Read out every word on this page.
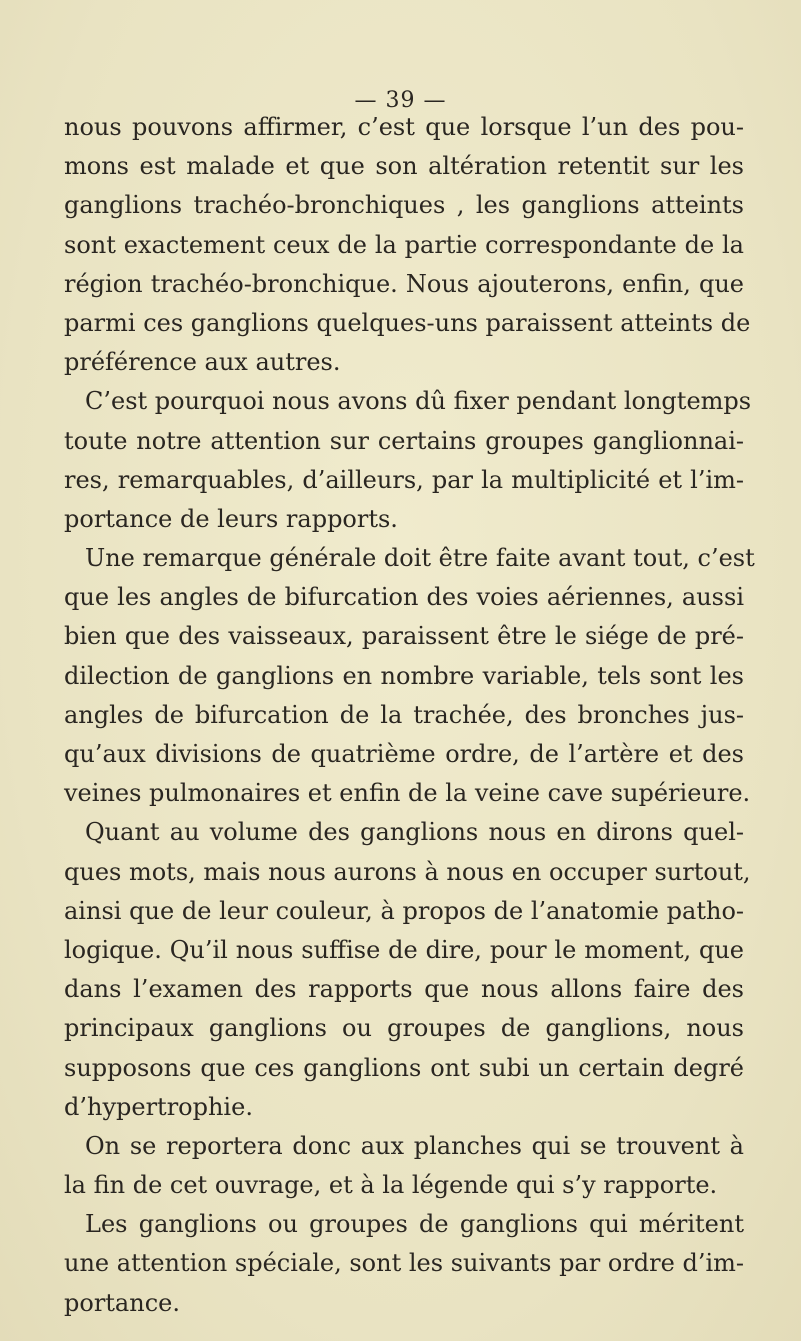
— 39 —
nous pouvons affirmer, c’est que lorsque l’un des pou-
mons est malade et que son altération retentit sur les
ganglions trachéo-bronchiques , les ganglions atteints
sont exactement ceux de la partie correspondante de la
région trachéo-bronchique. Nous ajouterons, enfin, que
parmi ces ganglions quelques-uns paraissent atteints de
préférence aux autres.
C’est pourquoi nous avons dû fixer pendant longtemps
toute notre attention sur certains groupes ganglionnai-
res, remarquables, d’ailleurs, par la multiplicité et l’im-
portance de leurs rapports.
Une remarque générale doit être faite avant tout, c’est
que les angles de bifurcation des voies aériennes, aussi
bien que des vaisseaux, paraissent être le siége de pré-
dilection de ganglions en nombre variable, tels sont les
angles de bifurcation de la trachée, des bronches jus-
qu’aux divisions de quatrième ordre, de l’artère et des
veines pulmonaires et enfin de la veine cave supérieure.
Quant au volume des ganglions nous en dirons quel-
ques mots, mais nous aurons à nous en occuper surtout,
ainsi que de leur couleur, à propos de l’anatomie patho-
logique. Qu’il nous suffise de dire, pour le moment, que
dans l’examen des rapports que nous allons faire des
principaux ganglions ou groupes de ganglions, nous
supposons que ces ganglions ont subi un certain degré
d’hypertrophie.
On se reportera donc aux planches qui se trouvent à
la fin de cet ouvrage, et à la légende qui s’y rapporte.
Les ganglions ou groupes de ganglions qui méritent
une attention spéciale, sont les suivants par ordre d’im-
portance.
